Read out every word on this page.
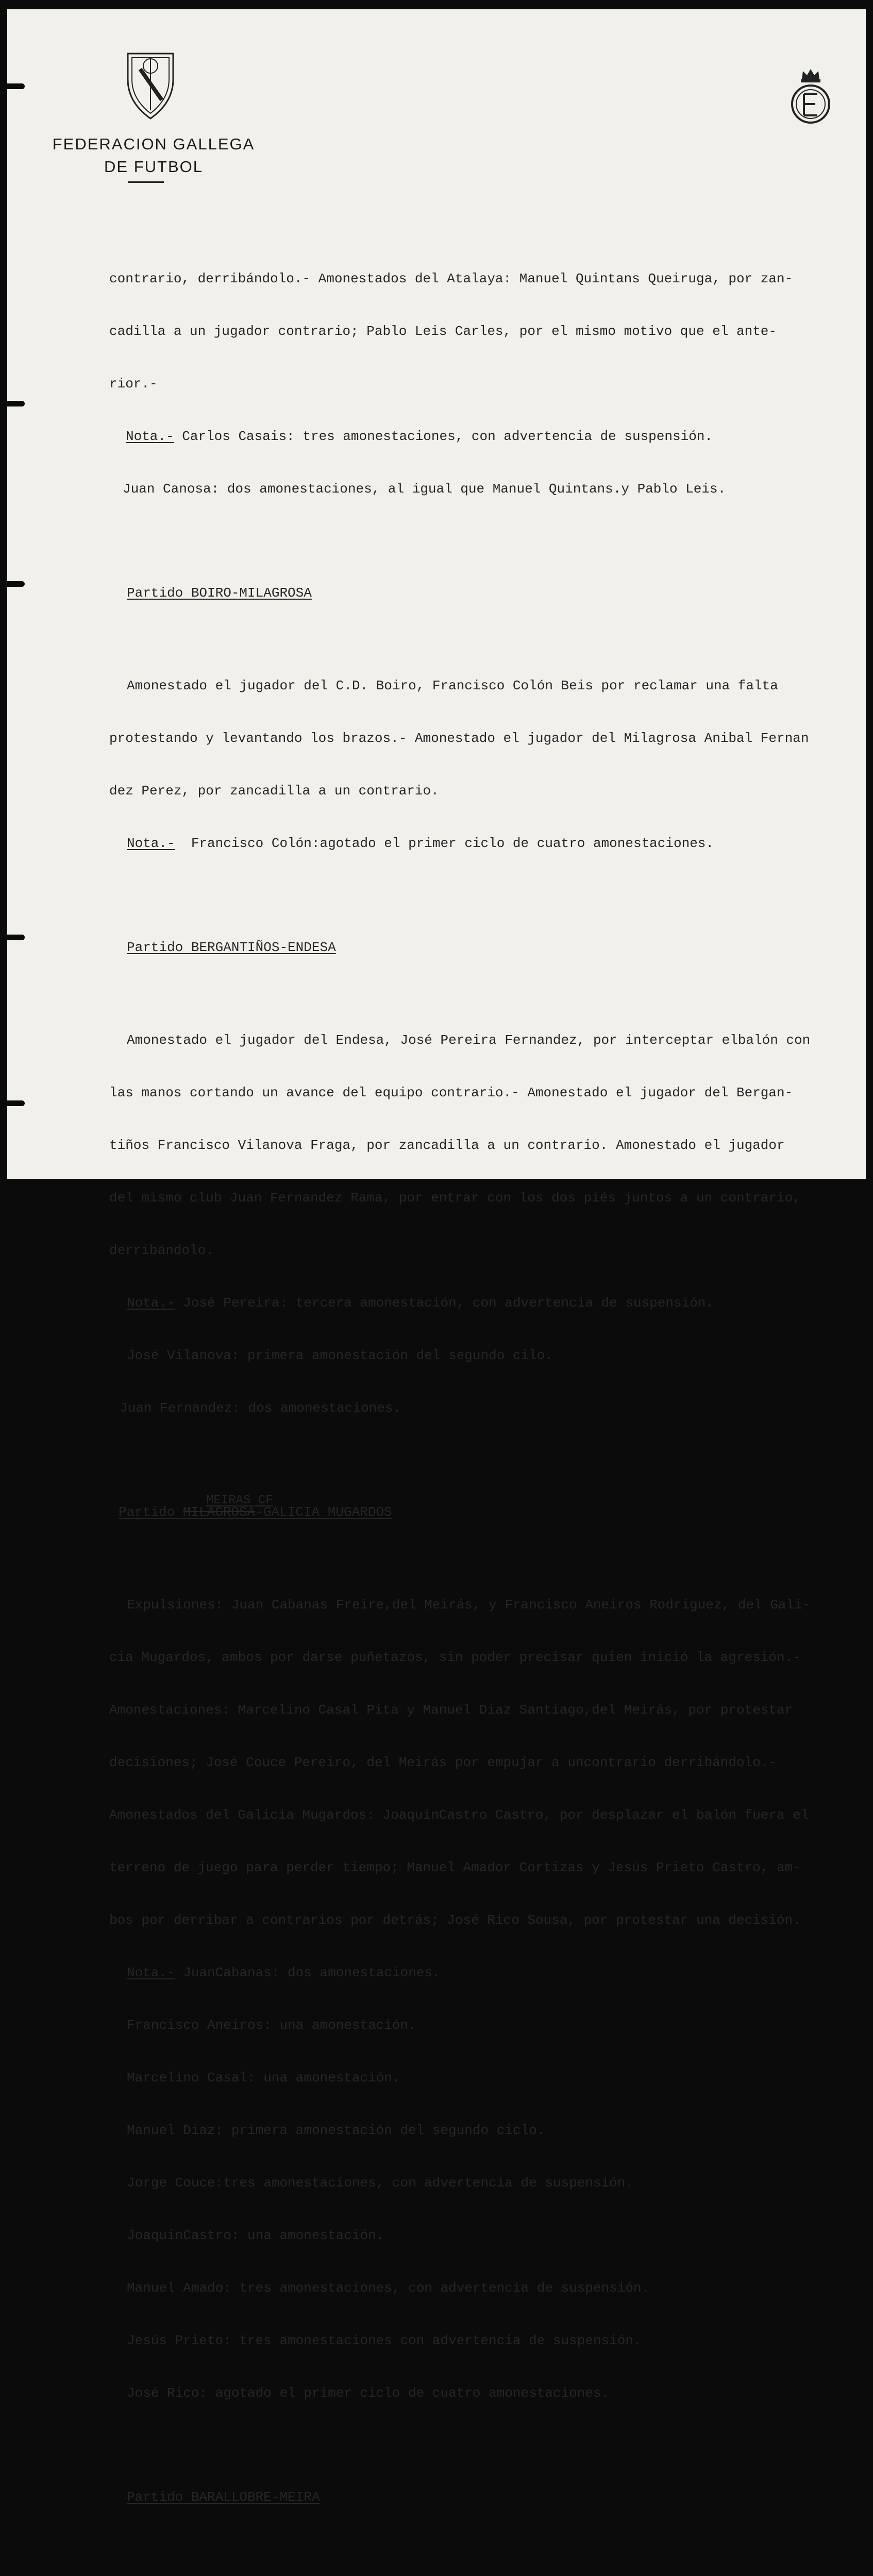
FEDERACION GALLEGA
DE FUTBOL

contrario, derribándolo.- Amonestados del Atalaya: Manuel Quintans Queiruga, por zan-

cadilla a un jugador contrario; Pablo Leis Carles, por el mismo motivo que el ante-

rior.-

Nota.- Carlos Casais: tres amonestaciones, con advertencia de suspensión.

Juan Canosa: dos amonestaciones, al igual que Manuel Quintans.y Pablo Leis.

Partido BOIRO-MILAGROSA

Amonestado el jugador del C.D. Boiro, Francisco Colón Beis por reclamar una falta

protestando y levantando los brazos.- Amonestado el jugador del Milagrosa Anibal Fernan

dez Perez, por zancadilla a un contrario.

Nota.-  Francisco Colón:agotado el primer ciclo de cuatro amonestaciones.

Partido BERGANTIÑOS-ENDESA

Amonestado el jugador del Endesa, José Pereira Fernandez, por interceptar elbalón con

las manos cortando un avance del equipo contrario.- Amonestado el jugador del Bergan-

tiños Francisco Vilanova Fraga, por zancadilla a un contrario. Amonestado el jugador

del mismo club Juan Fernandez Rama, por entrar con los dos piés juntos a un contrario,

derribándolo.

Nota.- José Pereira: tercera amonestación, con advertencia de suspensión.

José Vilanova: primera amonestación del segundo cilo.

Juan Fernandez: dos amonestaciones.

Partido MILAGROSA-GALICIA MUGARDOS
MEIRAS CF

Expulsiones: Juan Cabanas Freire,del Meirás, y Francisco Aneiros Rodriguez, del Gali-

cia Mugardos, ambos por darse puñetazos, sin poder precisar quien inició la agresión.-

Amonestaciones: Marcelino Casal Pita y Manuel Diaz Santiago,del Meirás, por protestar

decisiones; José Couce Pereiro, del Meirás por empujar a uncontrario derribándolo.-

Amonestados del Galicia Mugardos: JoaquinCastro Castro, por desplazar el balón fuera el

terreno de juego para perder tiempo; Manuel Amador Cortizas y Jesús Prieto Castro, am-

bos por derribar a contrarios por detrás; José Rico Sousa, por protestar una decisión.

Nota.- JuanCabanas: dos amonestaciones.

Francisco Aneiros: una amonestación.

Marcelino Casal: una amonestación.

Manuel Diaz: primera amonestación del segundo ciclo.

Jorge Couce:tres amonestaciones, con advertencia de suspensión.

JoaquinCastro: una amonestación.

Manuel Amado: tres amonestaciones, con advertencia de suspensión.

Jesús Prieto: tres amonestaciones con advertencia de suspensión.

José Rico: agotado el primer ciclo de cuatro amonestaciones.

Partido BARALLOBRE-MEIRA
